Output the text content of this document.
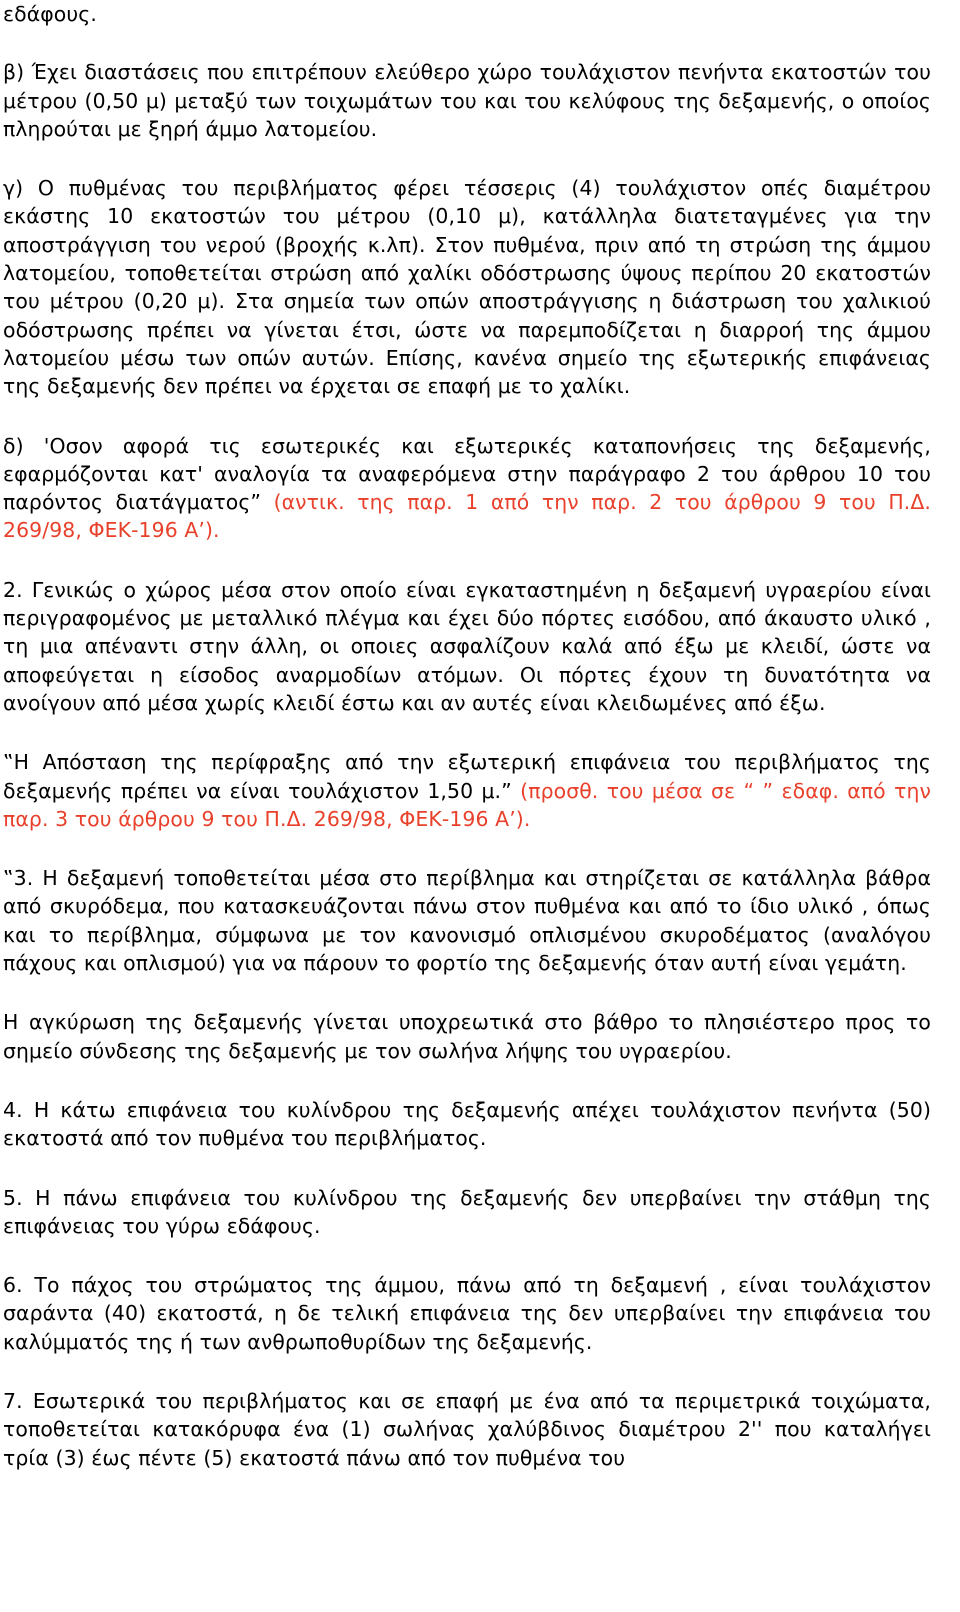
εδάφους.

β) Έχει διαστάσεις που επιτρέπουν ελεύθερο χώρο τουλάχιστον πενήντα εκατοστών του μέτρου (0,50 μ) μεταξύ των τοιχωμάτων του και του κελύφους της δεξαμενής, ο οποίος πληρούται με ξηρή άμμο λατομείου.

γ) Ο πυθμένας του περιβλήματος φέρει τέσσερις (4) τουλάχιστον οπές διαμέτρου εκάστης 10 εκατοστών του μέτρου (0,10 μ), κατάλληλα διατεταγμένες για την αποστράγγιση του νερού (βροχής κ.λπ). Στον πυθμένα, πριν από τη στρώση της άμμου λατομείου, τοποθετείται στρώση από χαλίκι οδόστρωσης ύψους περίπου 20 εκατοστών του μέτρου (0,20 μ). Στα σημεία των οπών αποστράγγισης η διάστρωση του χαλικιού οδόστρωσης πρέπει να γίνεται έτσι, ώστε να παρεμποδίζεται η διαρροή της άμμου λατομείου μέσω των οπών αυτών. Επίσης, κανένα σημείο της εξωτερικής επιφάνειας της δεξαμενής δεν πρέπει να έρχεται σε επαφή με το χαλίκι.

δ) 'Οσον αφορά τις εσωτερικές και εξωτερικές καταπονήσεις της δεξαμενής, εφαρμόζονται κατ' αναλογία τα αναφερόμενα στην παράγραφο 2 του άρθρου 10 του παρόντος διατάγματος” (αντικ. της παρ. 1 από την παρ. 2 του άρθρου 9 του Π.Δ. 269/98, ΦΕΚ-196 Α’).

2. Γενικώς ο χώρος μέσα στον οποίο είναι εγκαταστημένη η δεξαμενή υγραερίου είναι περιγραφομένος με μεταλλικό πλέγμα και έχει δύο πόρτες εισόδου, από άκαυστο υλικό , τη μια απέναντι στην άλλη, οι οποιες ασφαλίζουν καλά από έξω με κλειδί, ώστε να αποφεύγεται η είσοδος αναρμοδίων ατόμων. Οι πόρτες έχουν τη δυνατότητα να ανοίγουν από μέσα χωρίς κλειδί έστω και αν αυτές είναι κλειδωμένες από έξω.

‟Η Απόσταση της περίφραξης από την εξωτερική επιφάνεια του περιβλήματος της δεξαμενής πρέπει να είναι τουλάχιστον 1,50 μ.” (προσθ. του μέσα σε “ ” εδαφ. από την παρ. 3 του άρθρου 9 του Π.Δ. 269/98, ΦΕΚ-196 Α’).

‟3. Η δεξαμενή τοποθετείται μέσα στο περίβλημα και στηρίζεται σε κατάλληλα βάθρα από σκυρόδεμα, που κατασκευάζονται πάνω στον πυθμένα και από το ίδιο υλικό , όπως και το περίβλημα, σύμφωνα με τον κανονισμό οπλισμένου σκυροδέματος (αναλόγου πάχους και οπλισμού) για να πάρουν το φορτίο της δεξαμενής όταν αυτή είναι γεμάτη.

Η αγκύρωση της δεξαμενής γίνεται υποχρεωτικά στο βάθρο το πλησιέστερο προς το σημείο σύνδεσης της δεξαμενής με τον σωλήνα λήψης του υγραερίου.

4. Η κάτω επιφάνεια του κυλίνδρου της δεξαμενής απέχει τουλάχιστον πενήντα (50) εκατοστά από τον πυθμένα του περιβλήματος.

5. Η πάνω επιφάνεια του κυλίνδρου της δεξαμενής δεν υπερβαίνει την στάθμη της επιφάνειας του γύρω εδάφους.

6. Το πάχος του στρώματος της άμμου, πάνω από τη δεξαμενή , είναι τουλάχιστον σαράντα (40) εκατοστά, η δε τελική επιφάνεια της δεν υπερβαίνει την επιφάνεια του καλύμματός της ή των ανθρωποθυρίδων της δεξαμενής.

7. Εσωτερικά του περιβλήματος και σε επαφή με ένα από τα περιμετρικά τοιχώματα, τοποθετείται κατακόρυφα ένα (1) σωλήνας χαλύβδινος διαμέτρου 2'' που καταλήγει τρία (3) έως πέντε (5) εκατοστά πάνω από τον πυθμένα του
